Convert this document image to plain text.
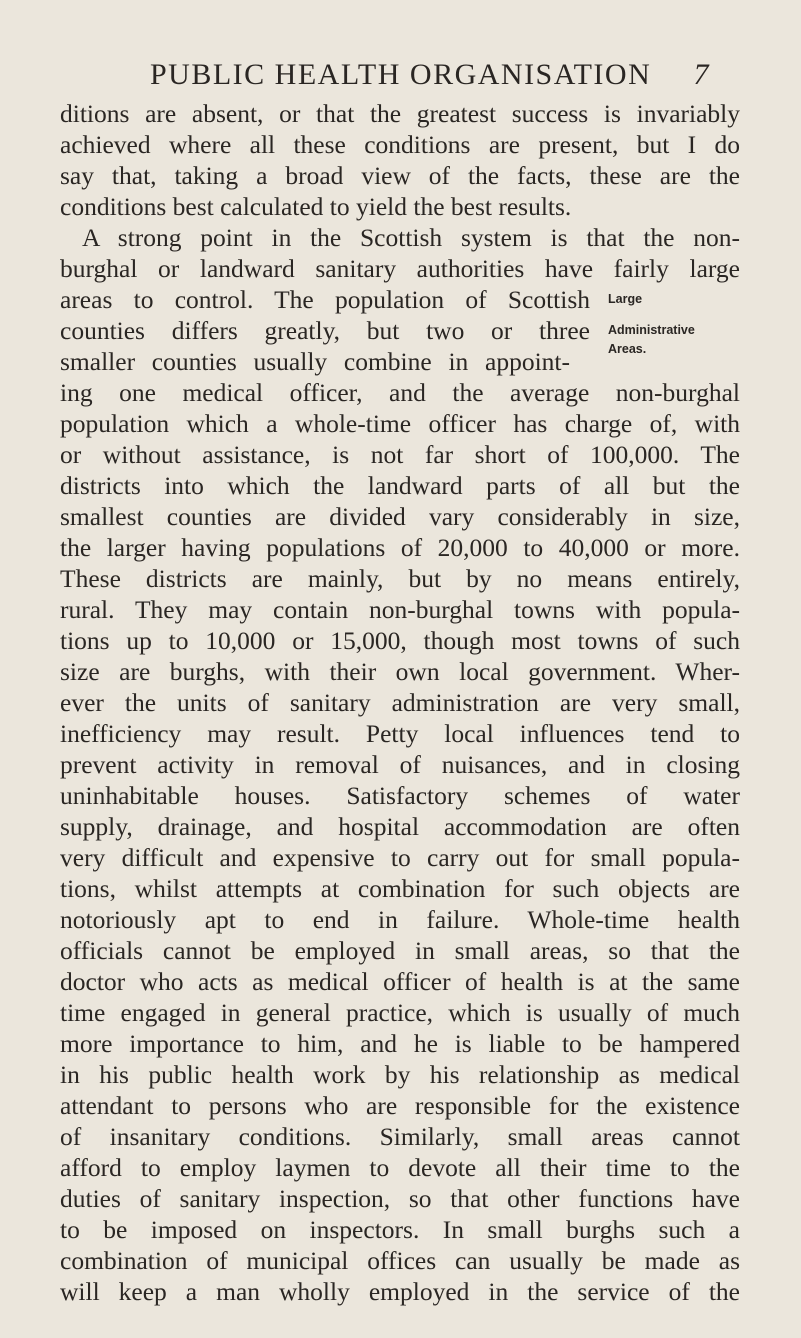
PUBLIC HEALTH ORGANISATION 7
ditions are absent, or that the greatest success is invariably
achieved where all these conditions are present, but I do
say that, taking a broad view of the facts, these are the
conditions best calculated to yield the best results.
A strong point in the Scottish system is that the non-
burghal or landward sanitary authorities have fairly large
areas to control. The population of Scottish
counties differs greatly, but two or three
smaller counties usually combine in appoint-
ing one medical officer, and the average non-burghal
population which a whole-time officer has charge of, with
or without assistance, is not far short of 100,000. The
districts into which the landward parts of all but the
smallest counties are divided vary considerably in size,
the larger having populations of 20,000 to 40,000 or more.
These districts are mainly, but by no means entirely,
rural. They may contain non-burghal towns with popula-
tions up to 10,000 or 15,000, though most towns of such
size are burghs, with their own local government. Wher-
ever the units of sanitary administration are very small,
inefficiency may result. Petty local influences tend to
prevent activity in removal of nuisances, and in closing
uninhabitable houses. Satisfactory schemes of water
supply, drainage, and hospital accommodation are often
very difficult and expensive to carry out for small popula-
tions, whilst attempts at combination for such objects are
notoriously apt to end in failure. Whole-time health
officials cannot be employed in small areas, so that the
doctor who acts as medical officer of health is at the same
time engaged in general practice, which is usually of much
more importance to him, and he is liable to be hampered
in his public health work by his relationship as medical
attendant to persons who are responsible for the existence
of insanitary conditions. Similarly, small areas cannot
afford to employ laymen to devote all their time to the
duties of sanitary inspection, so that other functions have
to be imposed on inspectors. In small burghs such a
combination of municipal offices can usually be made as
will keep a man wholly employed in the service of the
Large
Administrative
Areas.
